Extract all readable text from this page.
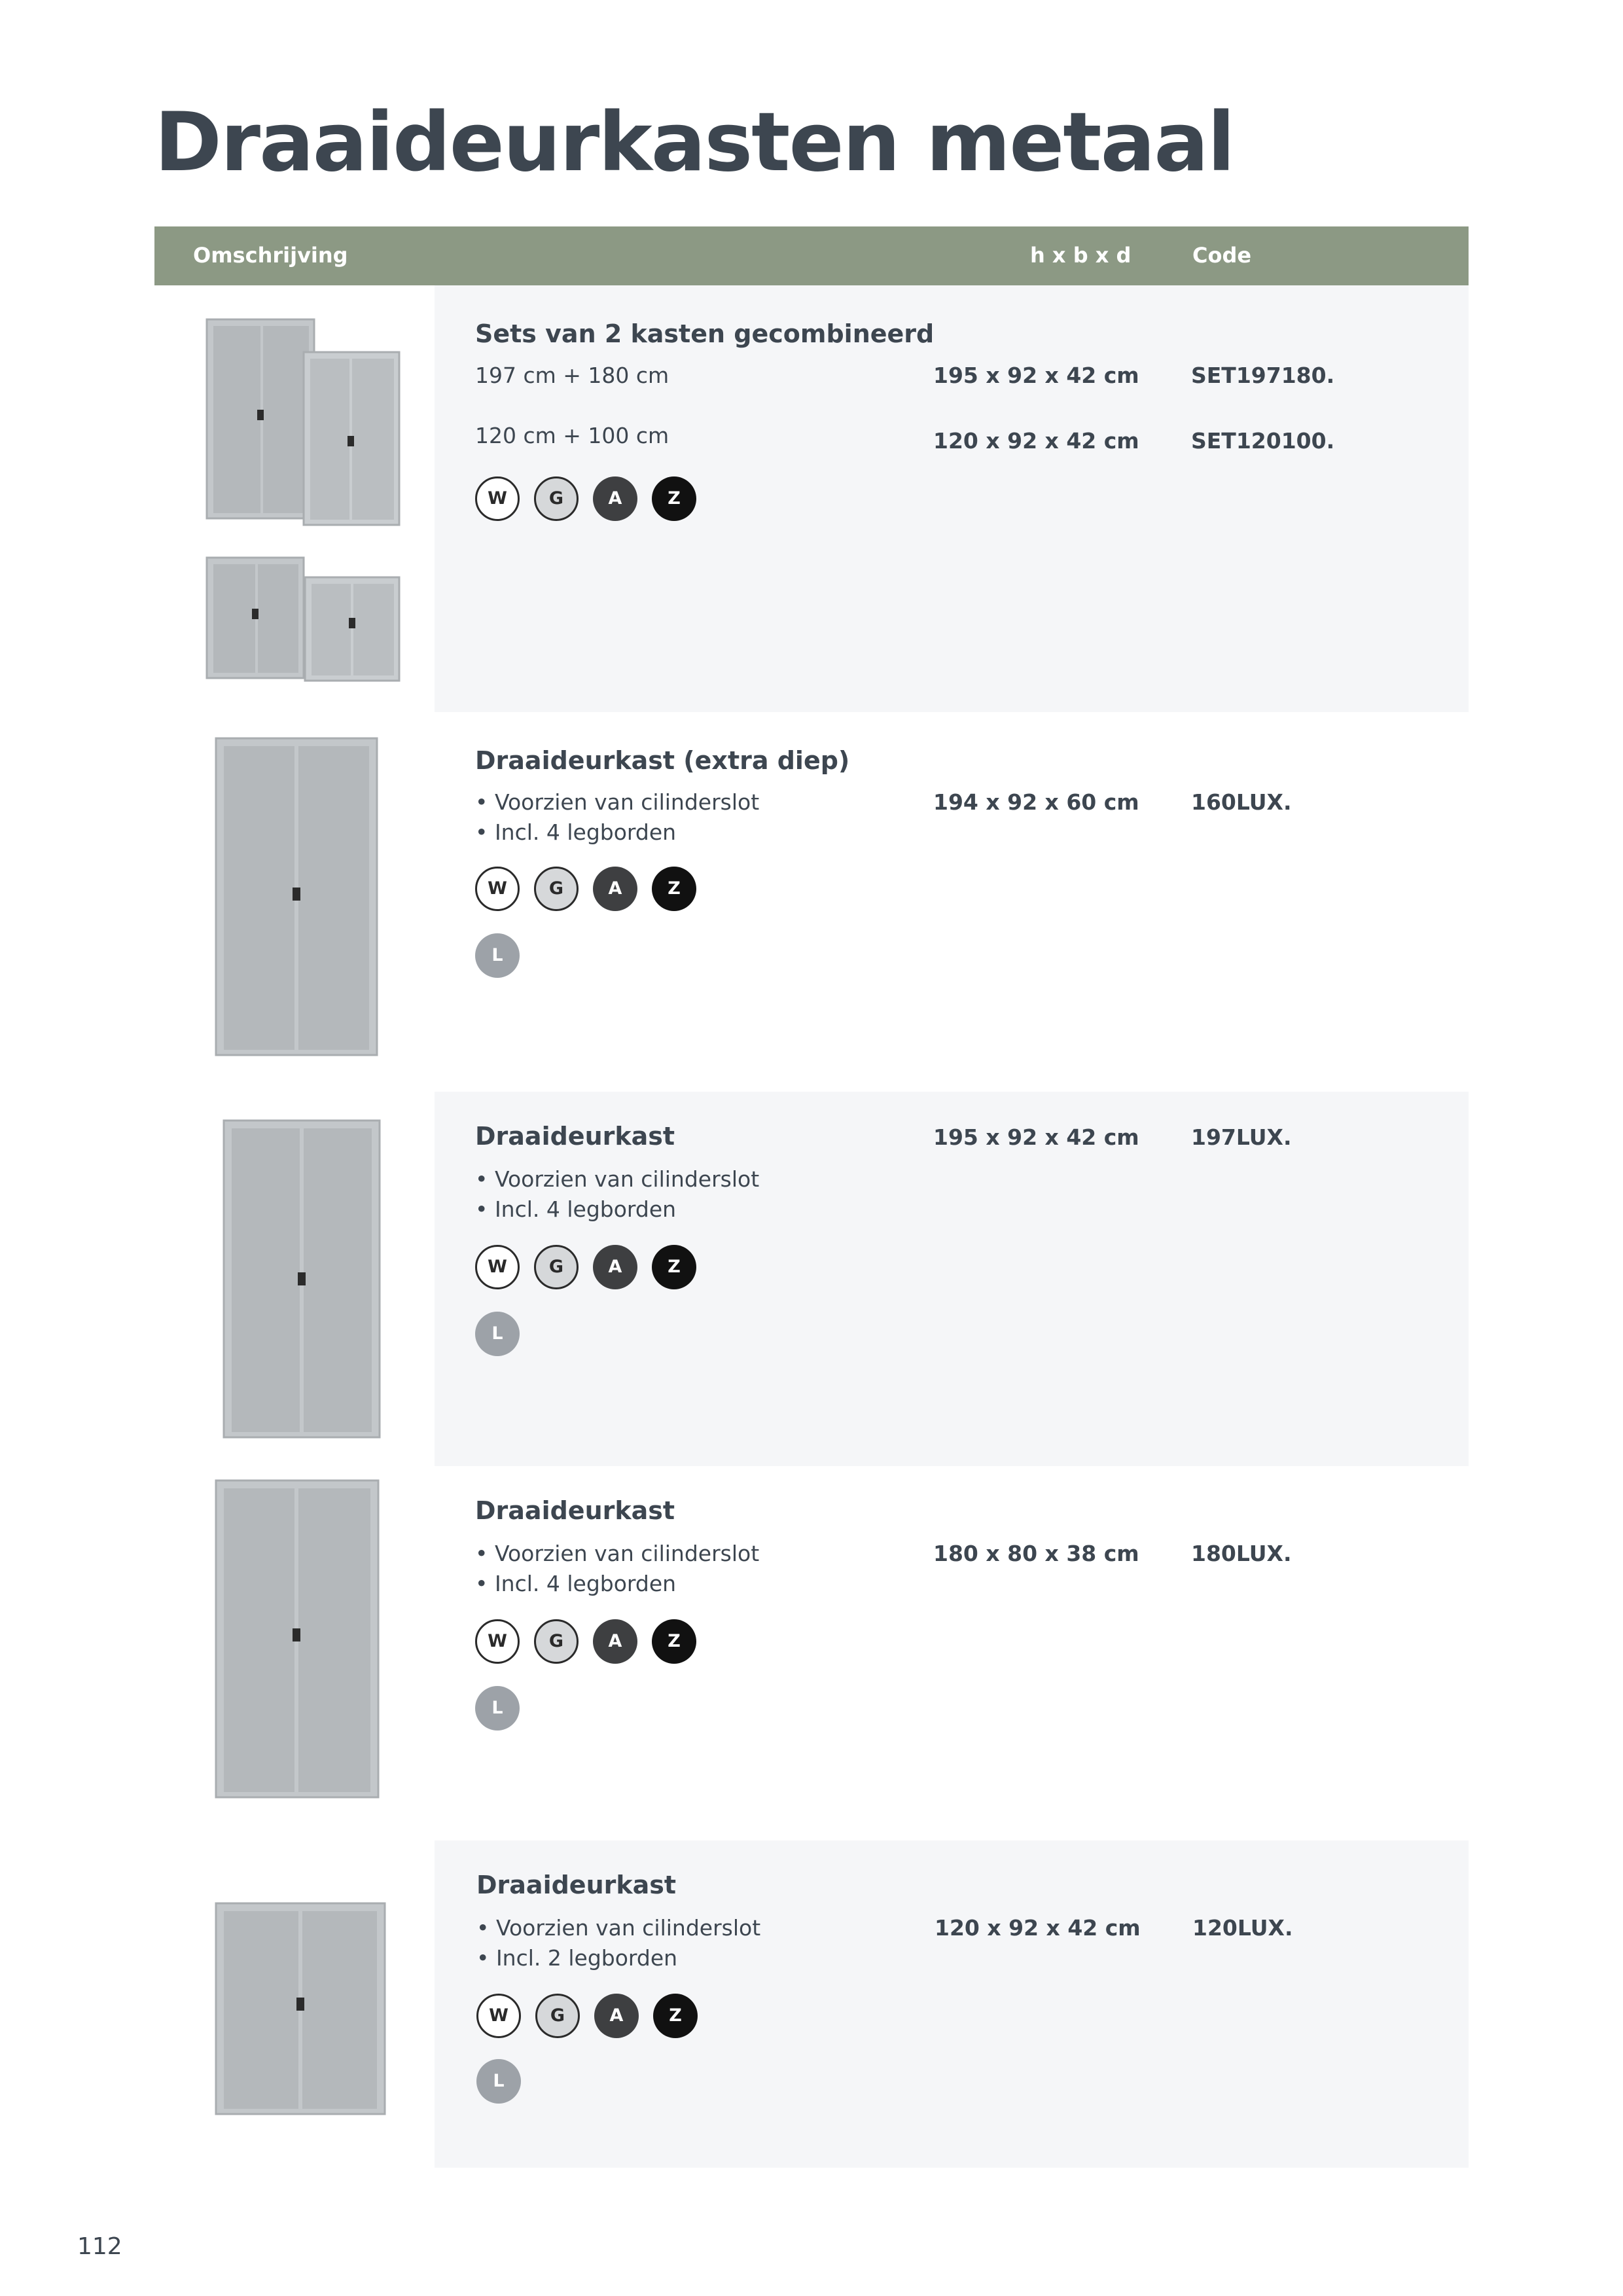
Draaideurkasten metaal
Omschrijving	h x b x d	Code
Sets van 2 kasten gecombineerd
197 cm + 180 cm	195 x 92 x 42 cm SET197180.
120 cm + 100 cm	120 x 92 x 42 cm SET120100.
W	G	A	Z
Draaideurkast (extra diep)
• Voorzien van cilinderslot
• Incl. 4 legborden
194 x 92 x 60 cm 160LUX.
W	G	A	Z
L
Draaideurkast
• Voorzien van cilinderslot
• Incl. 4 legborden
195 x 92 x 42 cm 197LUX.
W	G	A	Z
L
Draaideurkast
• Voorzien van cilinderslot
• Incl. 4 legborden
180 x 80 x 38 cm 180LUX.
W	G	A	Z
L
Draaideurkast
• Voorzien van cilinderslot
• Incl. 2 legborden
120 x 92 x 42 cm 120LUX.
W	G	A	Z
L
112
